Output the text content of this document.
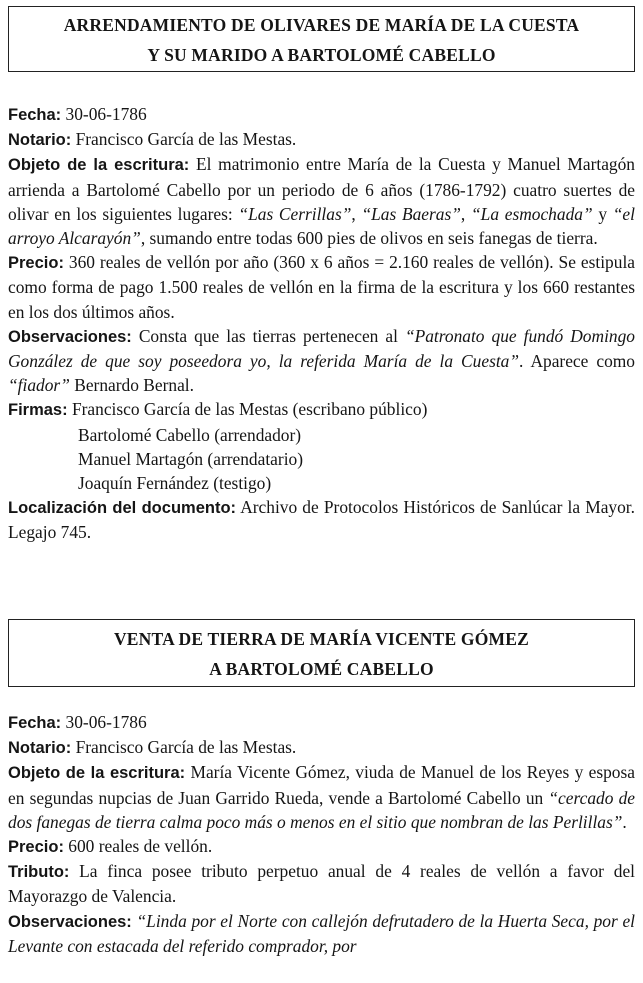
ARRENDAMIENTO DE OLIVARES DE MARÍA DE LA CUESTA
Y SU MARIDO A BARTOLOMÉ CABELLO

Fecha: 30-06-1786

Notario: Francisco García de las Mestas.

Objeto de la escritura: El matrimonio entre María de la Cuesta y Manuel Martagón arrienda a Bartolomé Cabello por un periodo de 6 años (1786-1792) cuatro suertes de olivar en los siguientes lugares: “Las Cerrillas”, “Las Baeras”, “La esmochada” y “el arroyo Alcarayón”, sumando entre todas 600 pies de olivos en seis fanegas de tierra.

Precio: 360 reales de vellón por año (360 x 6 años = 2.160 reales de vellón). Se estipula como forma de pago 1.500 reales de vellón en la firma de la escritura y los 660 restantes en los dos últimos años.

Observaciones: Consta que las tierras pertenecen al “Patronato que fundó Domingo González de que soy poseedora yo, la referida María de la Cuesta”. Aparece como “fiador” Bernardo Bernal.

Firmas: Francisco García de las Mestas (escribano público)

Bartolomé Cabello (arrendador)

Manuel Martagón (arrendatario)

Joaquín Fernández (testigo)

Localización del documento: Archivo de Protocolos Históricos de Sanlúcar la Mayor. Legajo 745.

VENTA DE TIERRA DE MARÍA VICENTE GÓMEZ
A BARTOLOMÉ CABELLO

Fecha: 30-06-1786

Notario: Francisco García de las Mestas.

Objeto de la escritura: María Vicente Gómez, viuda de Manuel de los Reyes y esposa en segundas nupcias de Juan Garrido Rueda, vende a Bartolomé Cabello un “cercado de dos fanegas de tierra calma poco más o menos en el sitio que nombran de las Perlillas”.

Precio: 600 reales de vellón.

Tributo: La finca posee tributo perpetuo anual de 4 reales de vellón a favor del Mayorazgo de Valencia.

Observaciones: “Linda por el Norte con callejón defrutadero de la Huerta Seca, por el Levante con estacada del referido comprador, por
